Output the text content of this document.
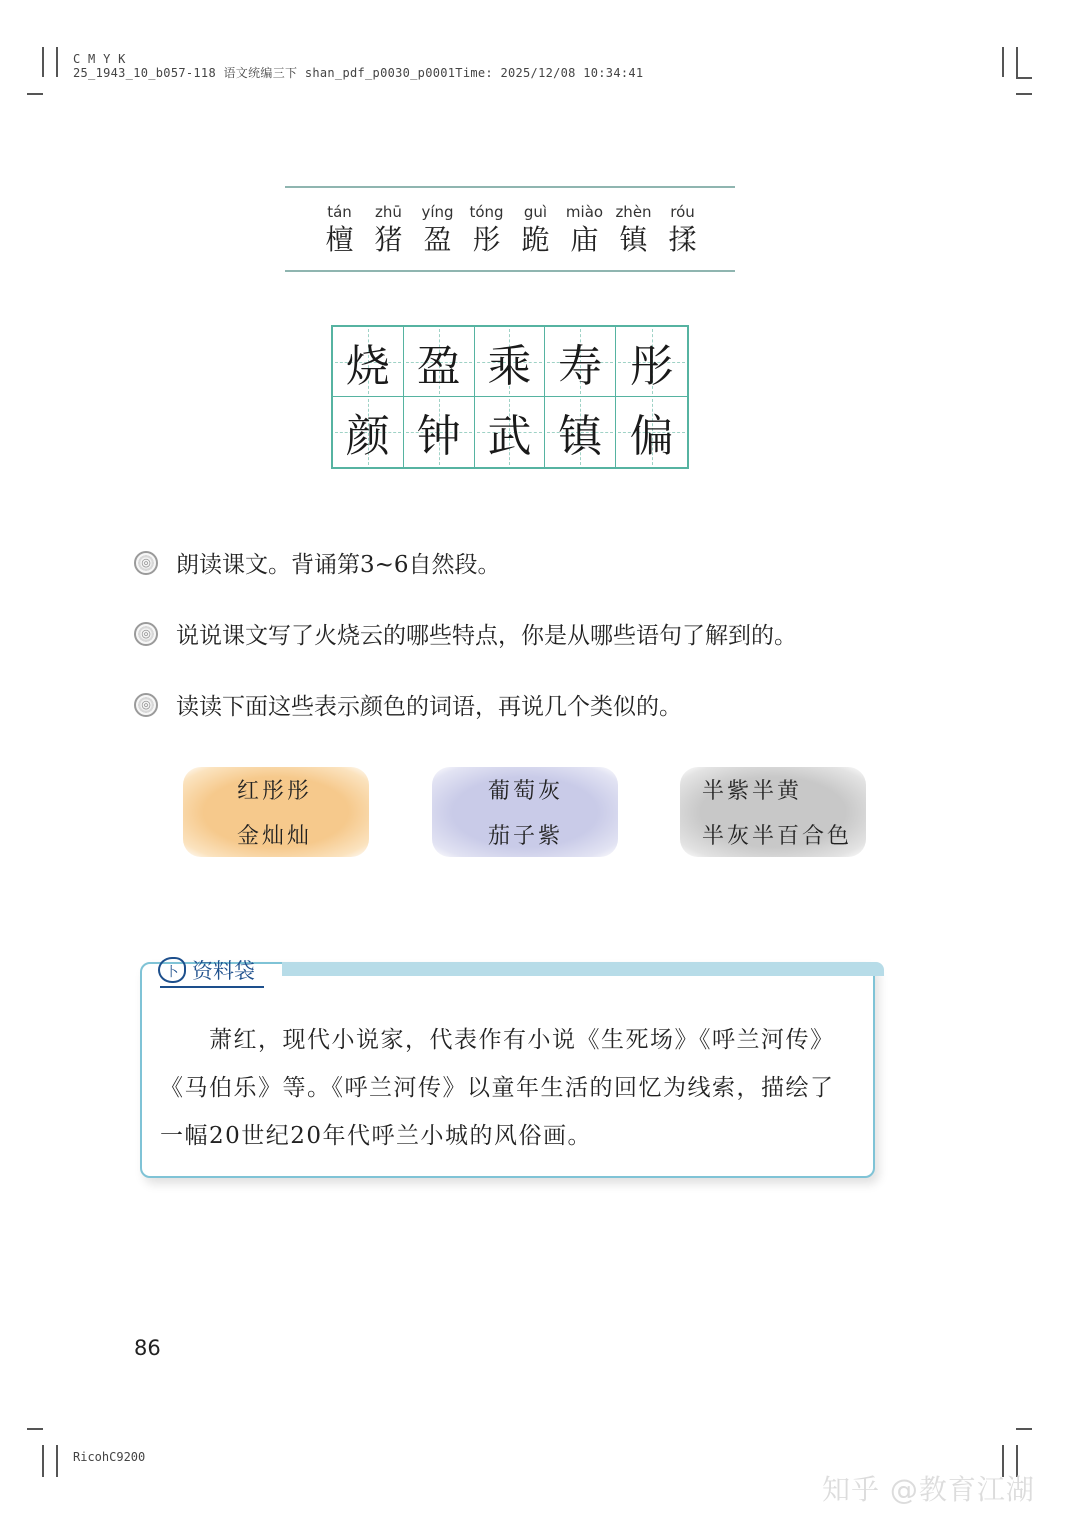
C M Y K
25_1943_10_b057-118 语文统编三下 shan_pdf_p0030_p0001Time: 2025/12/08 10:34:41
tán
檀
zhū
猪
yíng
盈
tóng
彤
guì
跪
miào
庙
zhèn
镇
róu
揉
烧 盈 乘 寿 彤
颜 钟 武 镇 偏
◎	朗读课文。背诵第3~6自然段。
◎	说说课文写了火烧云的哪些特点，你是从哪些语句了解到的。
◎	读读下面这些表示颜色的词语，再说几个类似的。
红彤彤
金灿灿
葡萄灰
茄子紫
半紫半黄
半灰半百合色
卜 资料袋
　　萧红，现代小说家，代表作有小说《生死场》《呼兰河传》
《马伯乐》等。《呼兰河传》以童年生活的回忆为线索，描绘了
一幅20世纪20年代呼兰小城的风俗画。
86
RicohC9200
知乎 @教育江湖
